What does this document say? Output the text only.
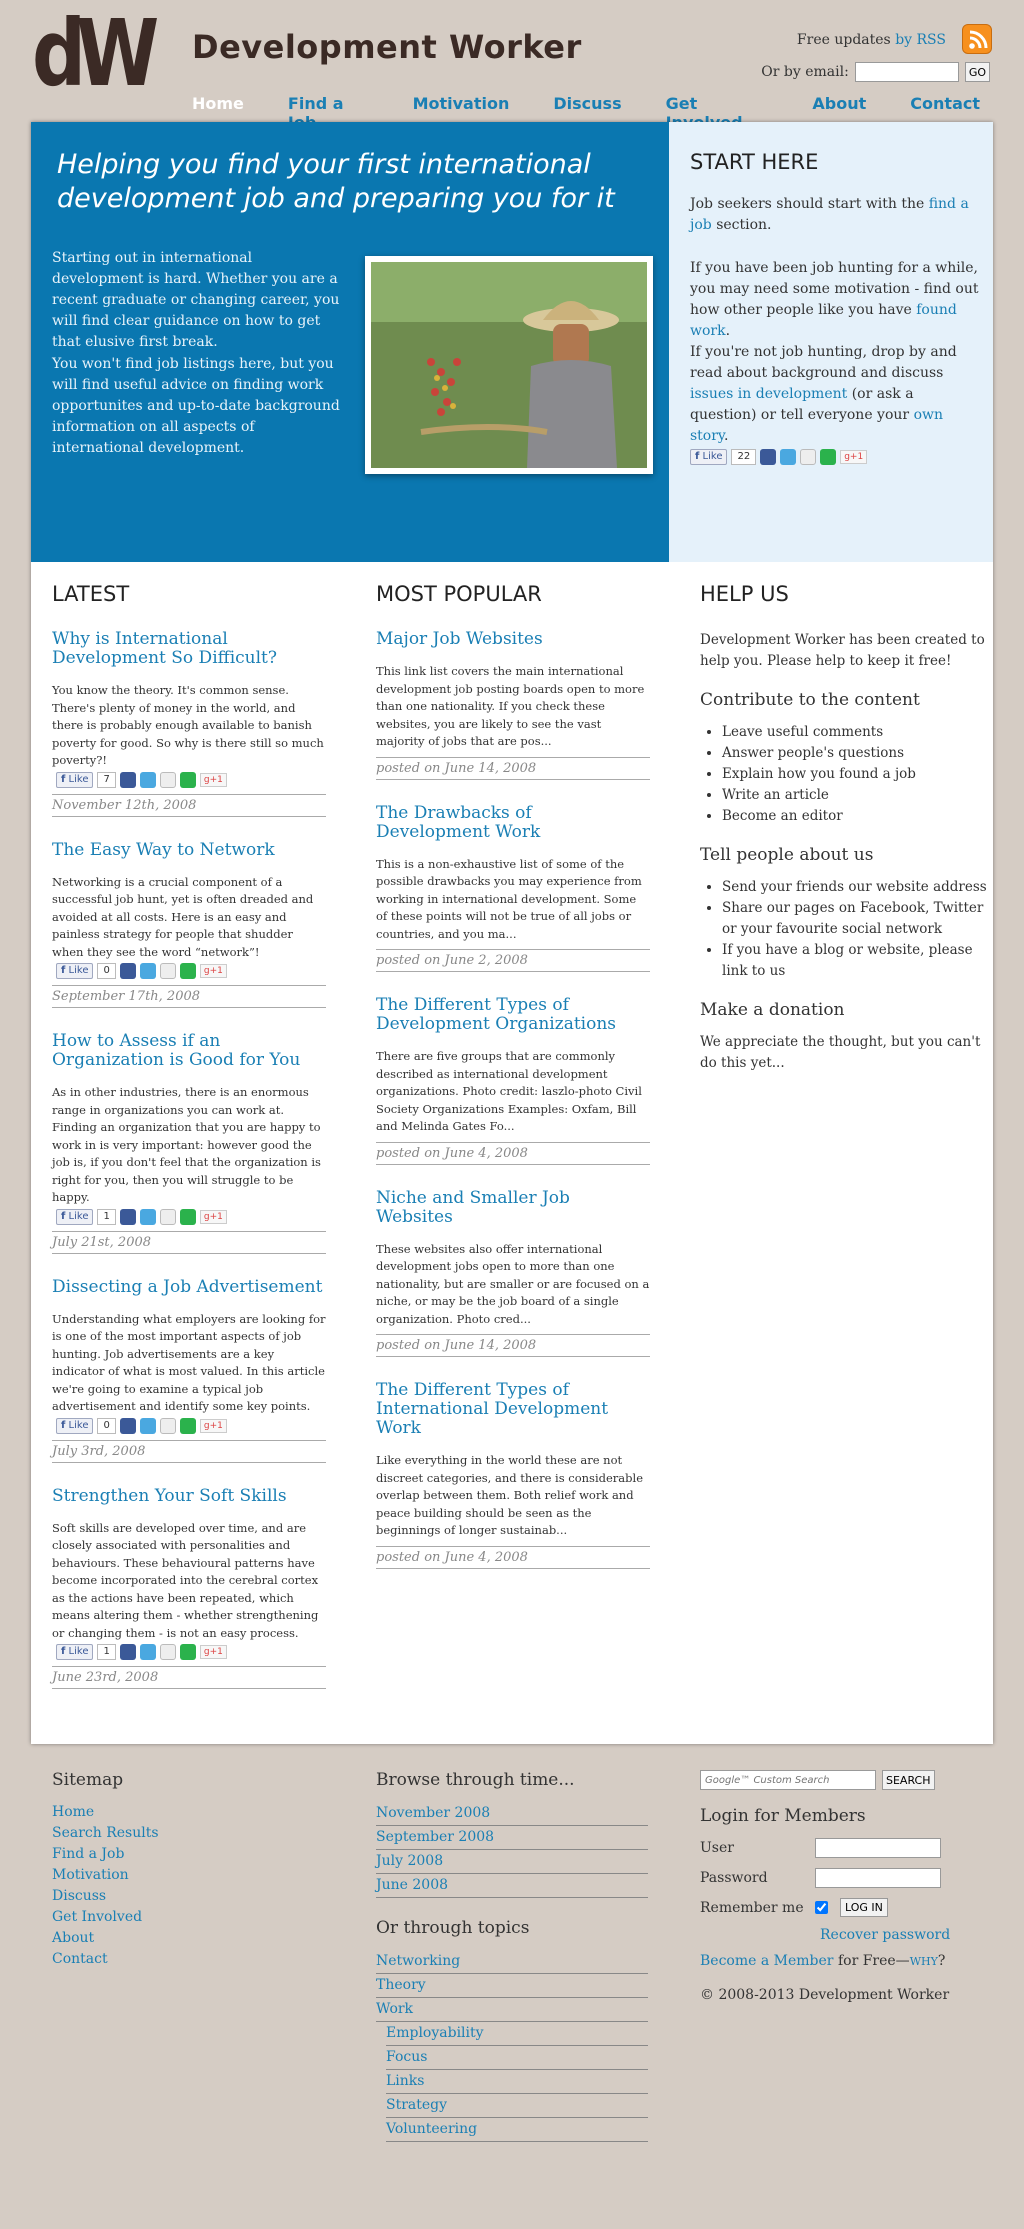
dW Development Worker	Free updates by RSS
Or by email:	GO
Home	Find a	Motivation	Discuss	Get	About	Contact
Helping you find your first international development job and preparing you for it

Starting out in international development is hard. Whether you are a recent graduate or changing career, you will find clear guidance on how to get that elusive first break.

You won't find job listings here, but you will find useful advice on finding work opportunites and up-to-date background information on all aspects of international development.

START HERE

Job seekers should start with the find a job section.

If you have been job hunting for a while, you may need some motivation - find out how other people like you have found work.

If you're not job hunting, drop by and read about background and discuss issues in development (or ask a question) or tell everyone your own story.

f Like	22	g+1
LATEST
Why is International Development So Difficult?

You know the theory. It's common sense. There's plenty of money in the world, and there is probably enough available to banish poverty for good. So why is there still so much poverty?!

f Like	7	g+1
November 12th, 2008
The Easy Way to Network

Networking is a crucial component of a successful job hunt, yet is often dreaded and avoided at all costs. Here is an easy and painless strategy for people that shudder when they see the word “network”!

f Like	0	g+1
September 17th, 2008
How to Assess if an Organization is Good for You

As in other industries, there is an enormous range in organizations you can work at. Finding an organization that you are happy to work in is very important: however good the job is, if you don't feel that the organization is right for you, then you will struggle to be happy.

f Like	1	g+1
July 21st, 2008
Dissecting a Job Advertisement

Understanding what employers are looking for is one of the most important aspects of job hunting. Job advertisements are a key indicator of what is most valued. In this article we're going to examine a typical job advertisement and identify some key points.

f Like	0	g+1
July 3rd, 2008
Strengthen Your Soft Skills

Soft skills are developed over time, and are closely associated with personalities and behaviours. These behavioural patterns have become incorporated into the cerebral cortex as the actions have been repeated, which means altering them - whether strengthening or changing them - is not an easy process.

f Like	1	g+1
June 23rd, 2008
MOST POPULAR
Major Job Websites

This link list covers the main international development job posting boards open to more than one nationality. If you check these websites, you are likely to see the vast majority of jobs that are pos...

posted on June 14, 2008
The Drawbacks of Development Work

This is a non-exhaustive list of some of the possible drawbacks you may experience from working in international development. Some of these points will not be true of all jobs or countries, and you ma...

posted on June 2, 2008
The Different Types of Development Organizations

There are five groups that are commonly described as international development organizations. Photo credit: laszlo-photo Civil Society Organizations Examples: Oxfam, Bill and Melinda Gates Fo...

posted on June 4, 2008
Niche and Smaller Job Websites

These websites also offer international development jobs open to more than one nationality, but are smaller or are focused on a niche, or may be the job board of a single organization. Photo cred...

posted on June 14, 2008
The Different Types of International Development Work

Like everything in the world these are not discreet categories, and there is considerable overlap between them. Both relief work and peace building should be seen as the beginnings of longer sustainab...

posted on June 4, 2008
HELP US

Development Worker has been created to help you. Please help to keep it free!

Contribute to the content
• Leave useful comments
• Answer people's questions
• Explain how you found a job
• Write an article
• Become an editor
Tell people about us
• Send your friends our website address
• Share our pages on Facebook, Twitter or your favourite social network
• If you have a blog or website, please link to us
Make a donation

We appreciate the thought, but you can't do this yet...

Sitemap
Home
Search Results
Find a Job
Motivation
Discuss
Get Involved
About
Contact
Browse through time...
November 2008
September 2008
July 2008
June 2008
Or through topics
Networking
Theory
Work
Employability
Focus
Links
Strategy
Volunteering
Google™ Custom Search
SEARCH
Login for Members
User
Password
Remember me	LOG IN
Recover password
Become a Member for Free—WHY?
© 2008-2013 Development Worker
